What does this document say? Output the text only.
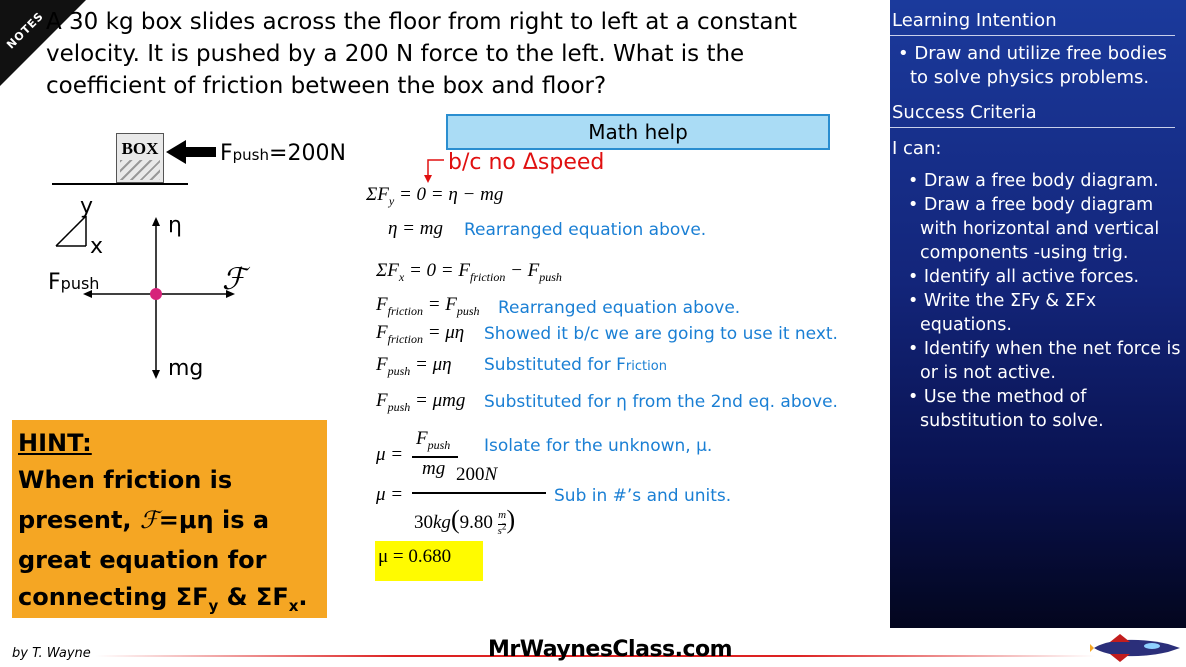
NOTES A 30 kg box slides across the floor from right to left at a constant velocity. It is pushed by a 200 N force to the left. What is the coefficient of friction between the box and floor?
BOX	Fpush=200N
y
x
η
mg
Fpush	ℱ
Math help
b/c no Δspeed
$\Sigma F_y = 0 = \eta$ − mg
η = mg Rearranged equation above.
$\Sigma F_x = 0 = F_{friction} - F_{push}$
$F_{friction} = F_{push}$ Rearranged equation above.
$F_{friction} = \mu\eta$ Showed it b/c we are going to use it next.
$F_{push} = \mu\eta$ Substituted for Friction
$F_{push} = \mu mg$ Substituted for η from the 2nd eq. above.
μ =
$F_{push}$
mg
Isolate for the unknown, μ.
μ =
200N
$30kg(9.80 \frac{m}{s^2})$
Sub in #’s and units.
μ = 0.680
HINT:
When friction is
present, ℱ=μη is a
great equation for
connecting $\Sigma F_y$ & $\Sigma F_x$.
Learning Intention
• Draw and utilize free bodies to solve physics problems.
Success Criteria
I can:
• Draw a free body diagram.
• Draw a free body diagram with horizontal and vertical components -using trig.
• Identify all active forces.
• Write the ΣFy & ΣFx equations.
• Identify when the net force is or is not active.
• Use the method of substitution to solve.
by T. Wayne	MrWaynesClass.com
